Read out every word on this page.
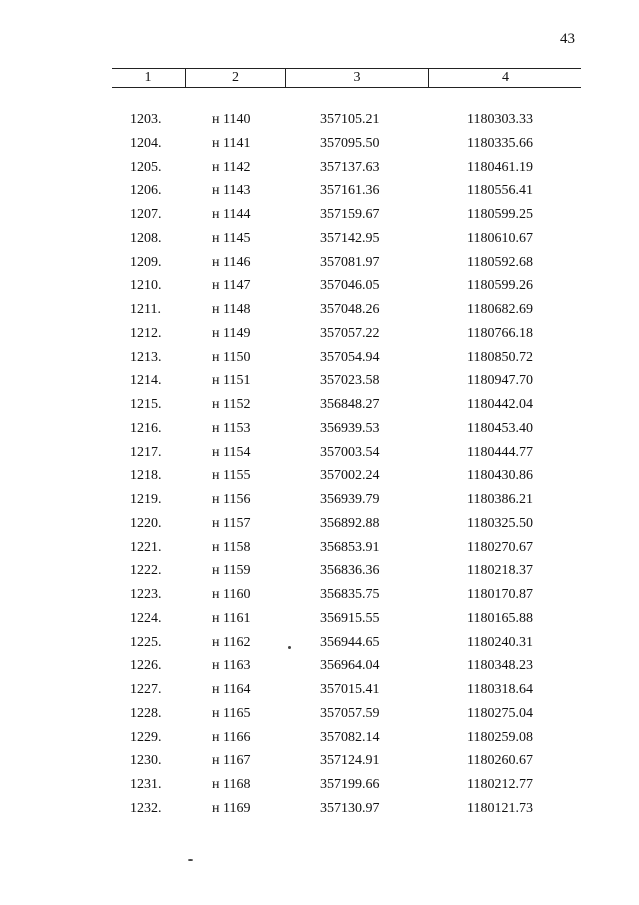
43
1	2	3	4
1203.	н 1140	357105.21	1180303.33
1204.	н 1141	357095.50	1180335.66
1205.	н 1142	357137.63	1180461.19
1206.	н 1143	357161.36	1180556.41
1207.	н 1144	357159.67	1180599.25
1208.	н 1145	357142.95	1180610.67
1209.	н 1146	357081.97	1180592.68
1210.	н 1147	357046.05	1180599.26
1211.	н 1148	357048.26	1180682.69
1212.	н 1149	357057.22	1180766.18
1213.	н 1150	357054.94	1180850.72
1214.	н 1151	357023.58	1180947.70
1215.	н 1152	356848.27	1180442.04
1216.	н 1153	356939.53	1180453.40
1217.	н 1154	357003.54	1180444.77
1218.	н 1155	357002.24	1180430.86
1219.	н 1156	356939.79	1180386.21
1220.	н 1157	356892.88	1180325.50
1221.	н 1158	356853.91	1180270.67
1222.	н 1159	356836.36	1180218.37
1223.	н 1160	356835.75	1180170.87
1224.	н 1161	356915.55	1180165.88
1225.	н 1162	356944.65	1180240.31
1226.	н 1163	356964.04	1180348.23
1227.	н 1164	357015.41	1180318.64
1228.	н 1165	357057.59	1180275.04
1229.	н 1166	357082.14	1180259.08
1230.	н 1167	357124.91	1180260.67
1231.	н 1168	357199.66	1180212.77
1232.	н 1169	357130.97	1180121.73
